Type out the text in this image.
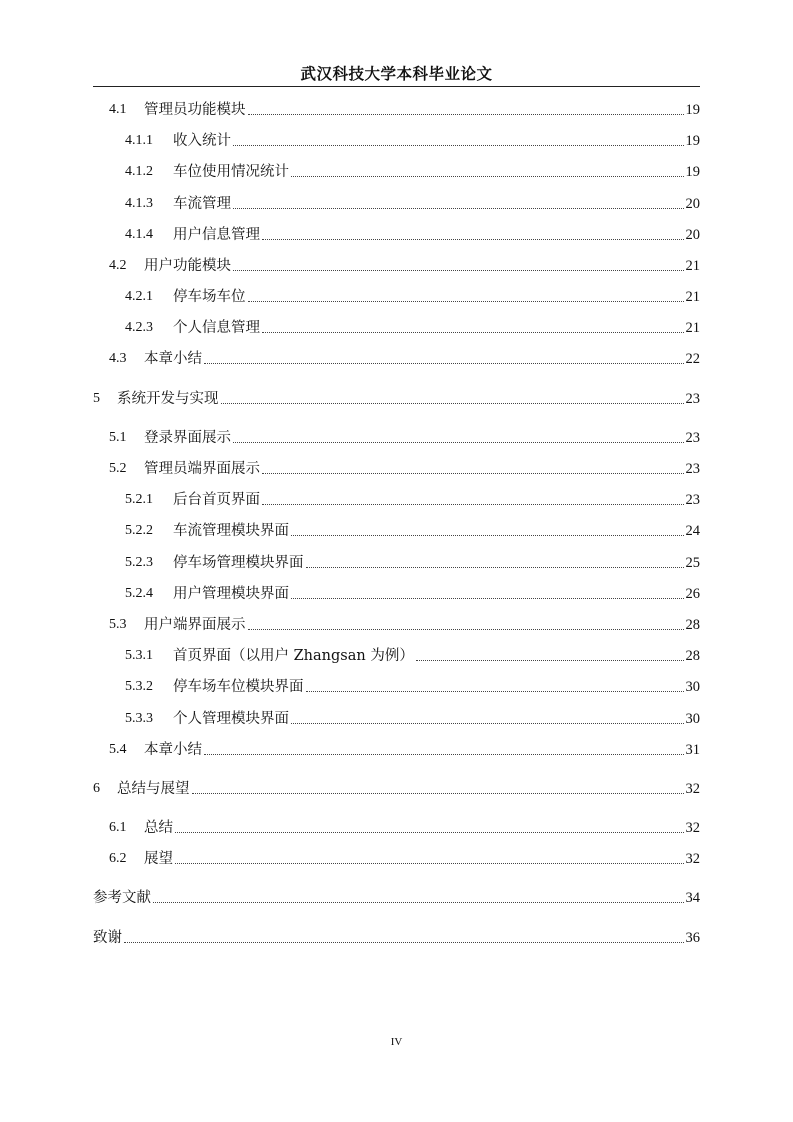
武汉科技大学本科毕业论文
4.1	管理员功能模块	19
4.1.1	收入统计	19
4.1.2	车位使用情况统计	19
4.1.3	车流管理	20
4.1.4	用户信息管理	20
4.2	用户功能模块	21
4.2.1	停车场车位	21
4.2.3	个人信息管理	21
4.3	本章小结	22
5	系统开发与实现	23
5.1	登录界面展示	23
5.2	管理员端界面展示	23
5.2.1	后台首页界面	23
5.2.2	车流管理模块界面	24
5.2.3	停车场管理模块界面	25
5.2.4	用户管理模块界面	26
5.3	用户端界面展示	28
5.3.1	首页界面（以用户 Zhangsan 为例）	28
5.3.2	停车场车位模块界面	30
5.3.3	个人管理模块界面	30
5.4	本章小结	31
6	总结与展望	32
6.1	总结	32
6.2	展望	32
参考文献	34
致谢	36
IV
